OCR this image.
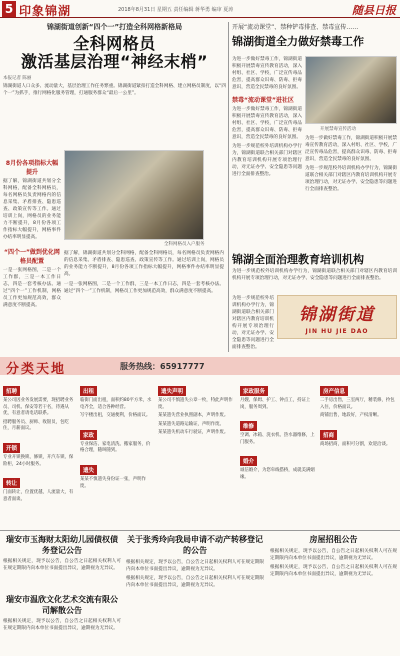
5 印象锦湖	2018年8月31日 星期五 责任编辑 蒋华勇 编审 夏涛	随县日报
锦湖街道创新“四个一”打造全科网格新格局
全科网格员
激活基层治理“神经末梢”
本报记者 陈丽
锦湖街道人口众多、流动量大，基层治理工作任务繁重。锦湖街道紧扣打造全科网格、建立网格员制度，以“四个一”为抓手，推行网格化服务管理，打通服务群众“最后一公里”。
8月份各项指标大幅提升
据了解，锦湖街道共划分全科网格，配备全科网格员，每名网格员负责网格内的信息采集、矛盾排查、隐患巡查、政策宣传等工作。通过培训上岗，网格员的业务能力不断提升，8月份各项工作指标大幅提升，网格事件办结率明显提高。
“四个一”做到优化网格员配置
一是一张网格图，二是一个工作群，三是一本工作日志，四是一套考核办法。通过“四个一”工作机制，网格员工作更加规范高效，群众满意度不断提高。
全科网格员入户服务
据了解，锦湖街道共划分全科网格，配备全科网格员，每名网格员负责网格内的信息采集、矛盾排查、隐患巡查、政策宣传等工作。通过培训上岗，网格员的业务能力不断提升，8月份各项工作指标大幅提升，网格事件办结率明显提高。
一是一张网格图，二是一个工作群，三是一本工作日志，四是一套考核办法。通过“四个一”工作机制，网格员工作更加规范高效，群众满意度不断提高。
开展“流动课堂”、禁种铲毒排查、禁毒宣传……
锦湖街道全力做好禁毒工作
为进一步做好禁毒工作，锦湖街道积极开展禁毒宣传教育活动，深入村组、社区、学校，广泛宣传毒品危害，提高群众识毒、防毒、拒毒意识，营造全民禁毒的良好氛围。
禁毒“流动课堂”进社区
为进一步做好禁毒工作，锦湖街道积极开展禁毒宣传教育活动，深入村组、社区、学校，广泛宣传毒品危害，提高群众识毒、防毒、拒毒意识，营造全民禁毒的良好氛围。
为进一步规范校外培训机构办学行为，锦湖街道联合相关部门对辖区内教育培训机构开展专项治理行动，对无证办学、安全隐患等问题进行全面排查整治。
开展禁毒宣传活动
为进一步做好禁毒工作，锦湖街道积极开展禁毒宣传教育活动，深入村组、社区、学校，广泛宣传毒品危害，提高群众识毒、防毒、拒毒意识，营造全民禁毒的良好氛围。
为进一步规范校外培训机构办学行为，锦湖街道联合相关部门对辖区内教育培训机构开展专项治理行动，对无证办学、安全隐患等问题进行全面排查整治。
锦湖全面治理教育培训机构
为进一步规范校外培训机构办学行为，锦湖街道联合相关部门对辖区内教育培训机构开展专项治理行动，对无证办学、安全隐患等问题进行全面排查整治。
为进一步规范校外培训机构办学行为，锦湖街道联合相关部门对辖区内教育培训机构开展专项治理行动，对无证办学、安全隐患等问题进行全面排查整治。
锦湖街道
JIN HU JIE DAO
分类天地	服务热线：65917777
招聘
某公司因业务发展需要，现招聘业务员、司机、保安等若干名，待遇从优，有意者请电话联系。
招聘服务员、厨师、收银员，包吃住，月薪面议。
开锁
专业开锁换锁、修锁，开汽车锁、保险柜，24小时服务。
转让
门面转让，位置优越，人流量大，有意者面谈。
出租
临街门面出租，面积约80平方米，水电齐全，适合各种经营。
写字楼出租，交通便利，价格面议。
家政
专业保洁、家电清洗、搬家服务，价格合理，随叫随到。
遗失
某某不慎遗失身份证一张，声明作废。
遗失声明
某公司不慎遗失公章一枚，特此声明作废。
某某遗失营业执照副本，声明作废。
某某遗失道路运输证，声明作废。
某某遗失机动车行驶证，声明作废。
家政服务
月嫂、保姆、护工、钟点工，持证上岗，服务周到。
维修
空调、冰箱、洗衣机、热水器维修，上门服务。
婚介
诚信婚介，为您牵线搭桥，成就美满姻缘。
房产信息
二手房出售，三室两厅，精装修，拎包入住，价格面议。
商铺出售，地段好，产权清晰。
招商
商场招商，面积可分割，欢迎洽谈。
瑞安市玉海财太阳幼儿园债权债务登记公告
根据相关规定，现予以公告，自公告之日起相关权利人可在规定期限内向本单位书面提出异议，逾期视为无异议。
瑞安市温欣文化艺术交流有限公司解散公告
根据相关规定，现予以公告，自公告之日起相关权利人可在规定期限内向本单位书面提出异议，逾期视为无异议。
关于张秀玲向我局申请不动产转移登记的公告
根据相关规定，现予以公告，自公告之日起相关权利人可在规定期限内向本单位书面提出异议，逾期视为无异议。
根据相关规定，现予以公告，自公告之日起相关权利人可在规定期限内向本单位书面提出异议，逾期视为无异议。
房屋招租公告
根据相关规定，现予以公告，自公告之日起相关权利人可在规定期限内向本单位书面提出异议，逾期视为无异议。
根据相关规定，现予以公告，自公告之日起相关权利人可在规定期限内向本单位书面提出异议，逾期视为无异议。
